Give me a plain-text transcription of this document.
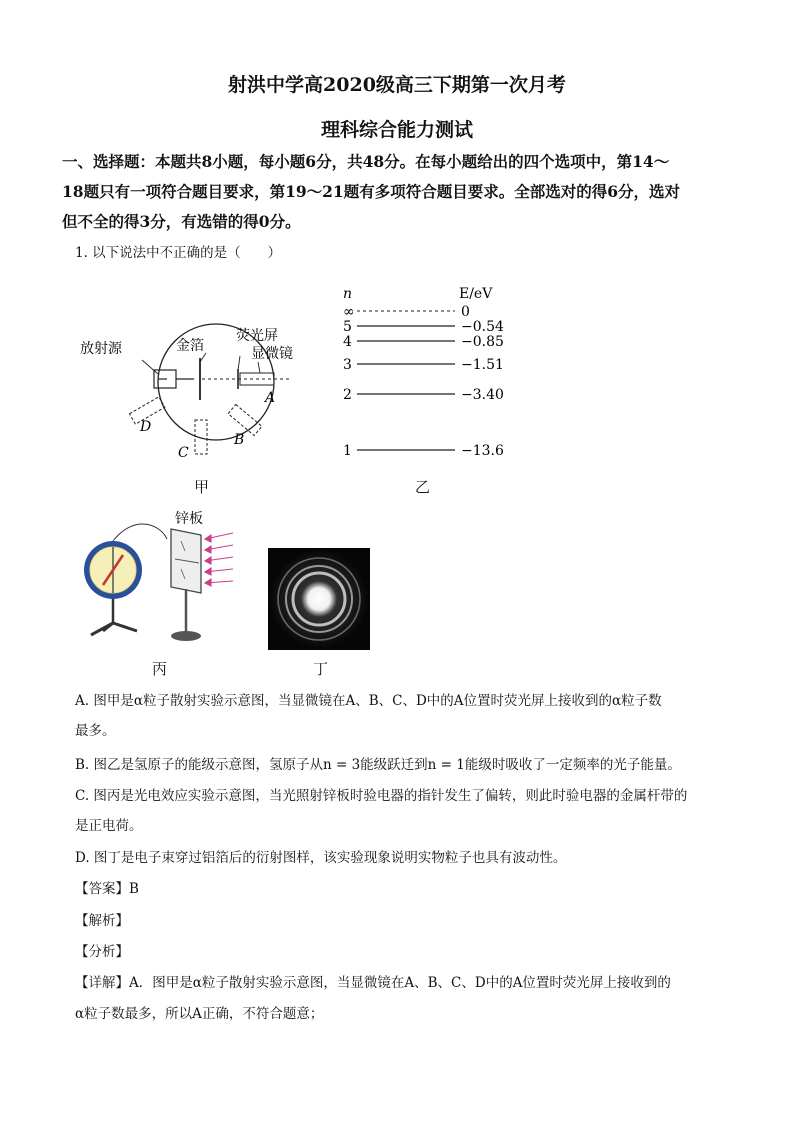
射洪中学高2020级高三下期第一次月考
理科综合能力测试
一、选择题：本题共8小题，每小题6分，共48分。在每小题给出的四个选项中，第14～
18题只有一项符合题目要求，第19～21题有多项符合题目要求。全部选对的得6分，选对
但不全的得3分，有选错的得0分。
1. 以下说法中不正确的是（　　）
放射源	金箔
荧光屏
显微镜
A
B
C
D
甲
n	E/eV
∞	0
5	−0.54
4	−0.85
3	−1.51
2	−3.40
1	−13.6
乙
锌板
丙	丁
A. 图甲是α粒子散射实验示意图，当显微镜在A、B、C、D中的A位置时荧光屏上接收到的α粒子数
最多。
B. 图乙是氢原子的能级示意图，氢原子从n = 3能级跃迁到n = 1能级时吸收了一定频率的光子能量。
C. 图丙是光电效应实验示意图，当光照射锌板时验电器的指针发生了偏转，则此时验电器的金属杆带的
是正电荷。
D. 图丁是电子束穿过铝箔后的衍射图样，该实验现象说明实物粒子也具有波动性。
【答案】B
【解析】
【分析】
【详解】A．图甲是α粒子散射实验示意图，当显微镜在A、B、C、D中的A位置时荧光屏上接收到的
α粒子数最多，所以A正确，不符合题意；
